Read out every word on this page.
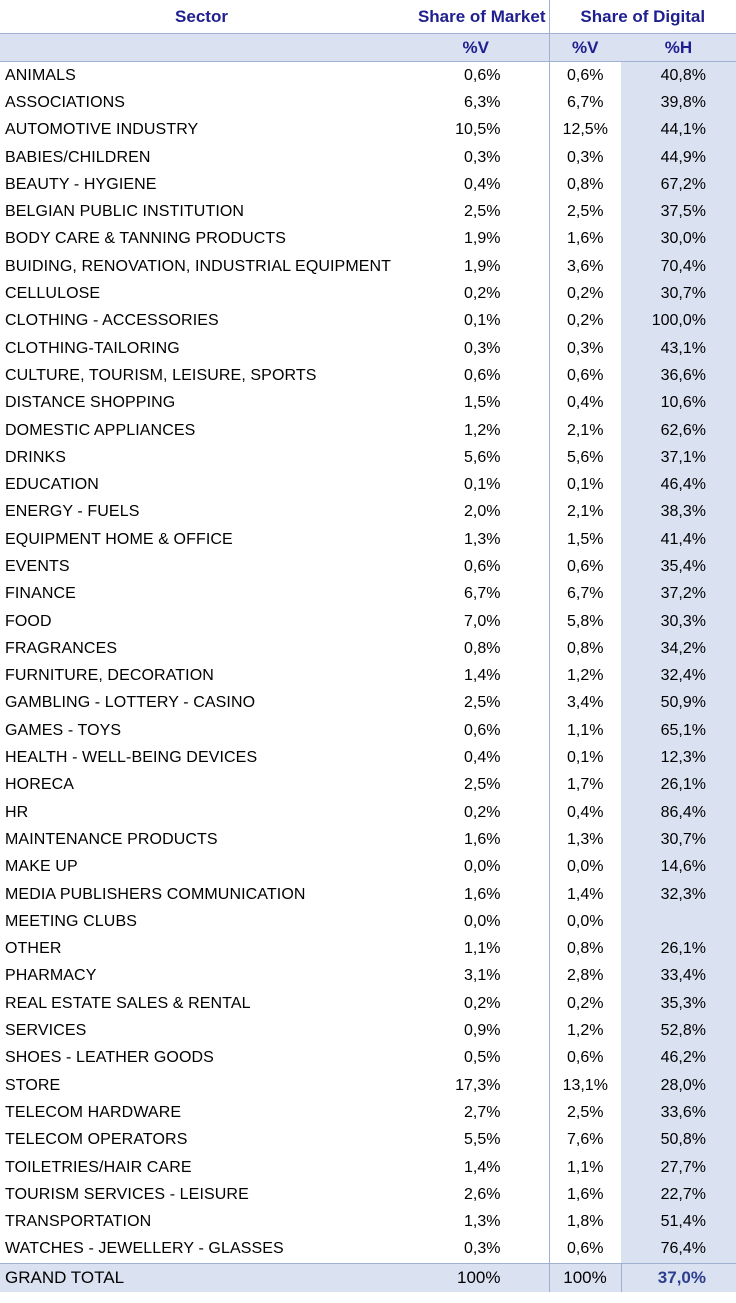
Sector	Share of Market	Share of Digital	
	%V	%V	%H
ANIMALS	0,6%	0,6%	40,8%
ASSOCIATIONS	6,3%	6,7%	39,8%
AUTOMOTIVE INDUSTRY	10,5%	12,5%	44,1%
BABIES/CHILDREN	0,3%	0,3%	44,9%
BEAUTY - HYGIENE	0,4%	0,8%	67,2%
BELGIAN PUBLIC INSTITUTION	2,5%	2,5%	37,5%
BODY CARE & TANNING PRODUCTS	1,9%	1,6%	30,0%
BUIDING, RENOVATION, INDUSTRIAL EQUIPMENT	1,9%	3,6%	70,4%
CELLULOSE	0,2%	0,2%	30,7%
CLOTHING - ACCESSORIES	0,1%	0,2%	100,0%
CLOTHING-TAILORING	0,3%	0,3%	43,1%
CULTURE, TOURISM, LEISURE, SPORTS	0,6%	0,6%	36,6%
DISTANCE SHOPPING	1,5%	0,4%	10,6%
DOMESTIC APPLIANCES	1,2%	2,1%	62,6%
DRINKS	5,6%	5,6%	37,1%
EDUCATION	0,1%	0,1%	46,4%
ENERGY - FUELS	2,0%	2,1%	38,3%
EQUIPMENT HOME & OFFICE	1,3%	1,5%	41,4%
EVENTS	0,6%	0,6%	35,4%
FINANCE	6,7%	6,7%	37,2%
FOOD	7,0%	5,8%	30,3%
FRAGRANCES	0,8%	0,8%	34,2%
FURNITURE, DECORATION	1,4%	1,2%	32,4%
GAMBLING - LOTTERY - CASINO	2,5%	3,4%	50,9%
GAMES - TOYS	0,6%	1,1%	65,1%
HEALTH - WELL-BEING DEVICES	0,4%	0,1%	12,3%
HORECA	2,5%	1,7%	26,1%
HR	0,2%	0,4%	86,4%
MAINTENANCE PRODUCTS	1,6%	1,3%	30,7%
MAKE UP	0,0%	0,0%	14,6%
MEDIA PUBLISHERS COMMUNICATION	1,6%	1,4%	32,3%
MEETING CLUBS	0,0%	0,0%	
OTHER	1,1%	0,8%	26,1%
PHARMACY	3,1%	2,8%	33,4%
REAL ESTATE SALES & RENTAL	0,2%	0,2%	35,3%
SERVICES	0,9%	1,2%	52,8%
SHOES - LEATHER GOODS	0,5%	0,6%	46,2%
STORE	17,3%	13,1%	28,0%
TELECOM HARDWARE	2,7%	2,5%	33,6%
TELECOM OPERATORS	5,5%	7,6%	50,8%
TOILETRIES/HAIR CARE	1,4%	1,1%	27,7%
TOURISM SERVICES - LEISURE	2,6%	1,6%	22,7%
TRANSPORTATION	1,3%	1,8%	51,4%
WATCHES - JEWELLERY - GLASSES	0,3%	0,6%	76,4%
GRAND TOTAL	100%	100%	37,0%
